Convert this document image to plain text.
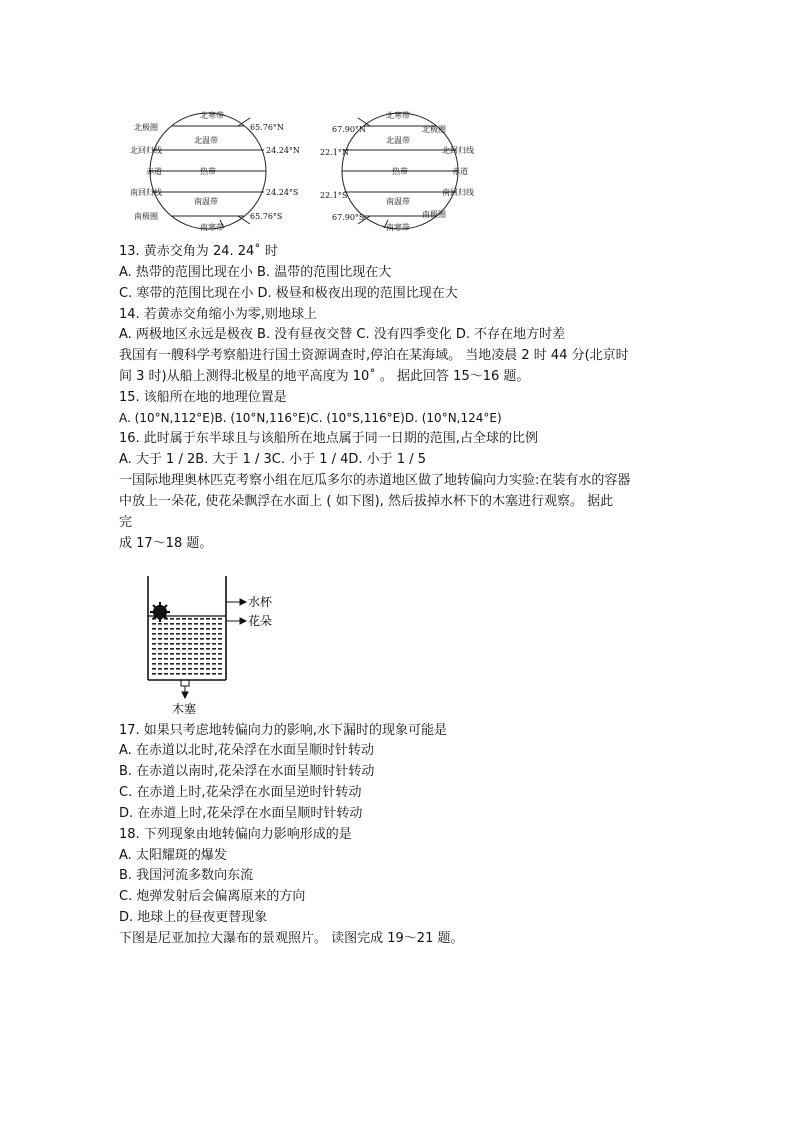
北寒带
北极圈	65.76°N
北回归线
北温带
24.24°N
赤道	热带
南回归线	24.24°S
南温带
南极圈	65.76°S
南寒带
北寒带
67.90°N	北极圈
22.1°N
北温带
北回归线
热带	赤道
22.1°S	南回归线
南温带
67.90°S	南极圈
南寒带
13. 黄赤交角为 24. 24˚ 时
A. 热带的范围比现在小 B. 温带的范围比现在大
C. 寒带的范围比现在小 D. 极昼和极夜出现的范围比现在大
14. 若黄赤交角缩小为零,则地球上
A. 两极地区永远是极夜 B. 没有昼夜交替 C. 没有四季变化 D. 不存在地方时差
我国有一艘科学考察船进行国土资源调查时,停泊在某海域。 当地凌晨 2 时 44 分(北京时
间 3 时)从船上测得北极星的地平高度为 10˚ 。 据此回答 15～16 题。
15. 该船所在地的地理位置是
A. (10°N,112°E)B. (10°N,116°E)C. (10°S,116°E)D. (10°N,124°E)
16. 此时属于东半球且与该船所在地点属于同一日期的范围,占全球的比例
A. 大于 1 / 2B. 大于 1 / 3C. 小于 1 / 4D. 小于 1 / 5
一国际地理奥林匹克考察小组在厄瓜多尔的赤道地区做了地转偏向力实验:在装有水的容器
中放上一朵花, 使花朵飘浮在水面上 ( 如下图), 然后拔掉水杯下的木塞进行观察。 据此
完
成 17～18 题。
水杯
花朵
木塞
17. 如果只考虑地转偏向力的影响,水下漏时的现象可能是
A. 在赤道以北时,花朵浮在水面呈顺时针转动
B. 在赤道以南时,花朵浮在水面呈顺时针转动
C. 在赤道上时,花朵浮在水面呈逆时针转动
D. 在赤道上时,花朵浮在水面呈顺时针转动
18. 下列现象由地转偏向力影响形成的是
A. 太阳耀斑的爆发
B. 我国河流多数向东流
C. 炮弹发射后会偏离原来的方向
D. 地球上的昼夜更替现象
下图是尼亚加拉大瀑布的景观照片。 读图完成 19～21 题。
